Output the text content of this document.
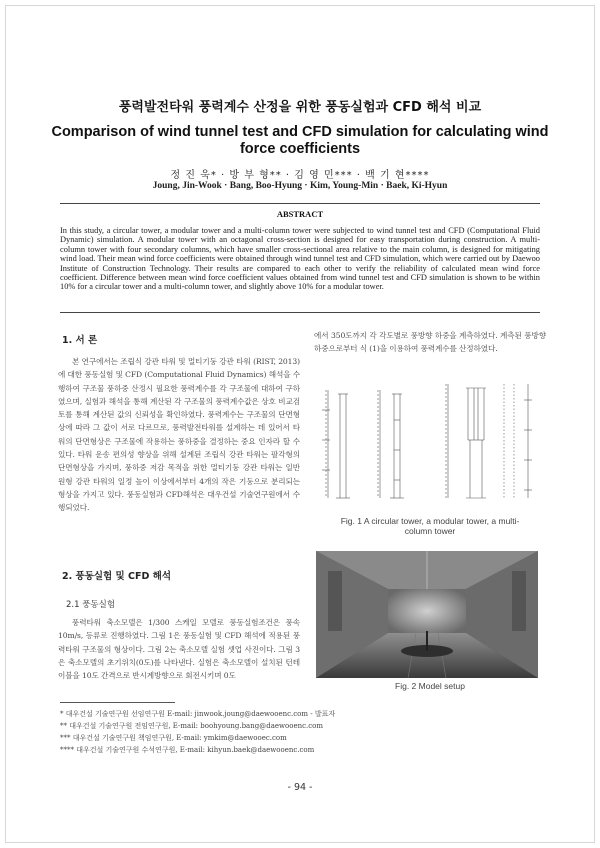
풍력발전타워 풍력계수 산정을 위한 풍동실험과 CFD 해석 비교
Comparison of wind tunnel test and CFD simulation for calculating wind force coefficients
정 진 욱* · 방 부 형** · 김 영 민*** · 백 기 현****
Joung, Jin-Wook · Bang, Boo-Hyung · Kim, Young-Min · Baek, Ki-Hyun
ABSTRACT
In this study, a circular tower, a modular tower and a multi-column tower were subjected to wind tunnel test and CFD (Computational Fluid Dynamic) simulation. A modular tower with an octagonal cross-section is designed for easy transportation during construction. A multi-column tower with four secondary columns, which have smaller cross-sectional area relative to the main column, is designed for mitigating wind load. Their mean wind force coefficients were obtained through wind tunnel test and CFD simulation, which were carried out by Daewoo Institute of Construction Technology. Their results are compared to each other to verify the reliability of calculated mean wind force coefficient. Difference between mean wind force coefficient values obtained from wind tunnel test and CFD simulation is shown to be within 10% for a circular tower and a multi-column tower, and slightly above 10% for a modular tower.
1. 서 론
본 연구에서는 조립식 강관 타워 및 멀티기둥 강관 타워 (RIST, 2013)에 대한 풍동실험 및 CFD (Computational Fluid Dynamics) 해석을 수행하여 구조물 풍하중 산정시 필요한 풍력계수를 각 구조물에 대하여 구하였으며, 실험과 해석을 통해 계산된 각 구조물의 풍력계수값은 상호 비교검토를 통해 계산된 값의 신뢰성을 확인하였다. 풍력계수는 구조물의 단면형상에 따라 그 값이 서로 다르므로, 풍력발전타워를 설계하는 데 있어서 타워의 단면형상은 구조물에 작용하는 풍하중을 결정하는 중요 인자라 할 수 있다. 타워 운송 편의성 향상을 위해 설계된 조립식 강관 타워는 팔각형의 단면형상을 가지며, 풍하중 저감 목적을 위한 멀티기둥 강관 타워는 일반 원형 강관 타워의 일정 높이 이상에서부터 4개의 작은 기둥으로 분리되는 형상을 가지고 있다. 풍동실험과 CFD해석은 대우건설 기술연구원에서 수행되었다.
2. 풍동실험 및 CFD 해석
2.1 풍동실험
풍력타워 축소모델은 1/300 스케일 모델로 풍동실험조건은 풍속 10m/s, 등류로 진행하였다. 그림 1은 풍동실험 및 CFD 해석에 적용된 풍력타워 구조물의 형상이다. 그림 2는 축소모델 실험 셋업 사진이다. 그림 3은 축소모델의 초기위치(0도)를 나타낸다. 실험은 축소모델이 설치된 턴테이블을 10도 간격으로 반시계방향으로 회전시키며 0도
에서 350도까지 각 각도별로 풍방향 하중을 계측하였다. 계측된 풍방향 하중으로부터 식 (1)을 이용하여 풍력계수를 산정하였다.
Fig. 1 A circular tower, a modular tower, a multi-column tower
Fig. 2 Model setup
* 대우건설 기술연구원 선임연구원 E-mail: jinwook.joung@daewooenc.com - 발표자
** 대우건설 기술연구원 전임연구원, E-mail: boohyoung.bang@daewooenc.com
*** 대우건설 기술연구원 책임연구원, E-mail: ymkim@daewooec.com
**** 대우건설 기술연구원 수석연구원, E-mail: kihyun.baek@daewooenc.com
- 94 -
